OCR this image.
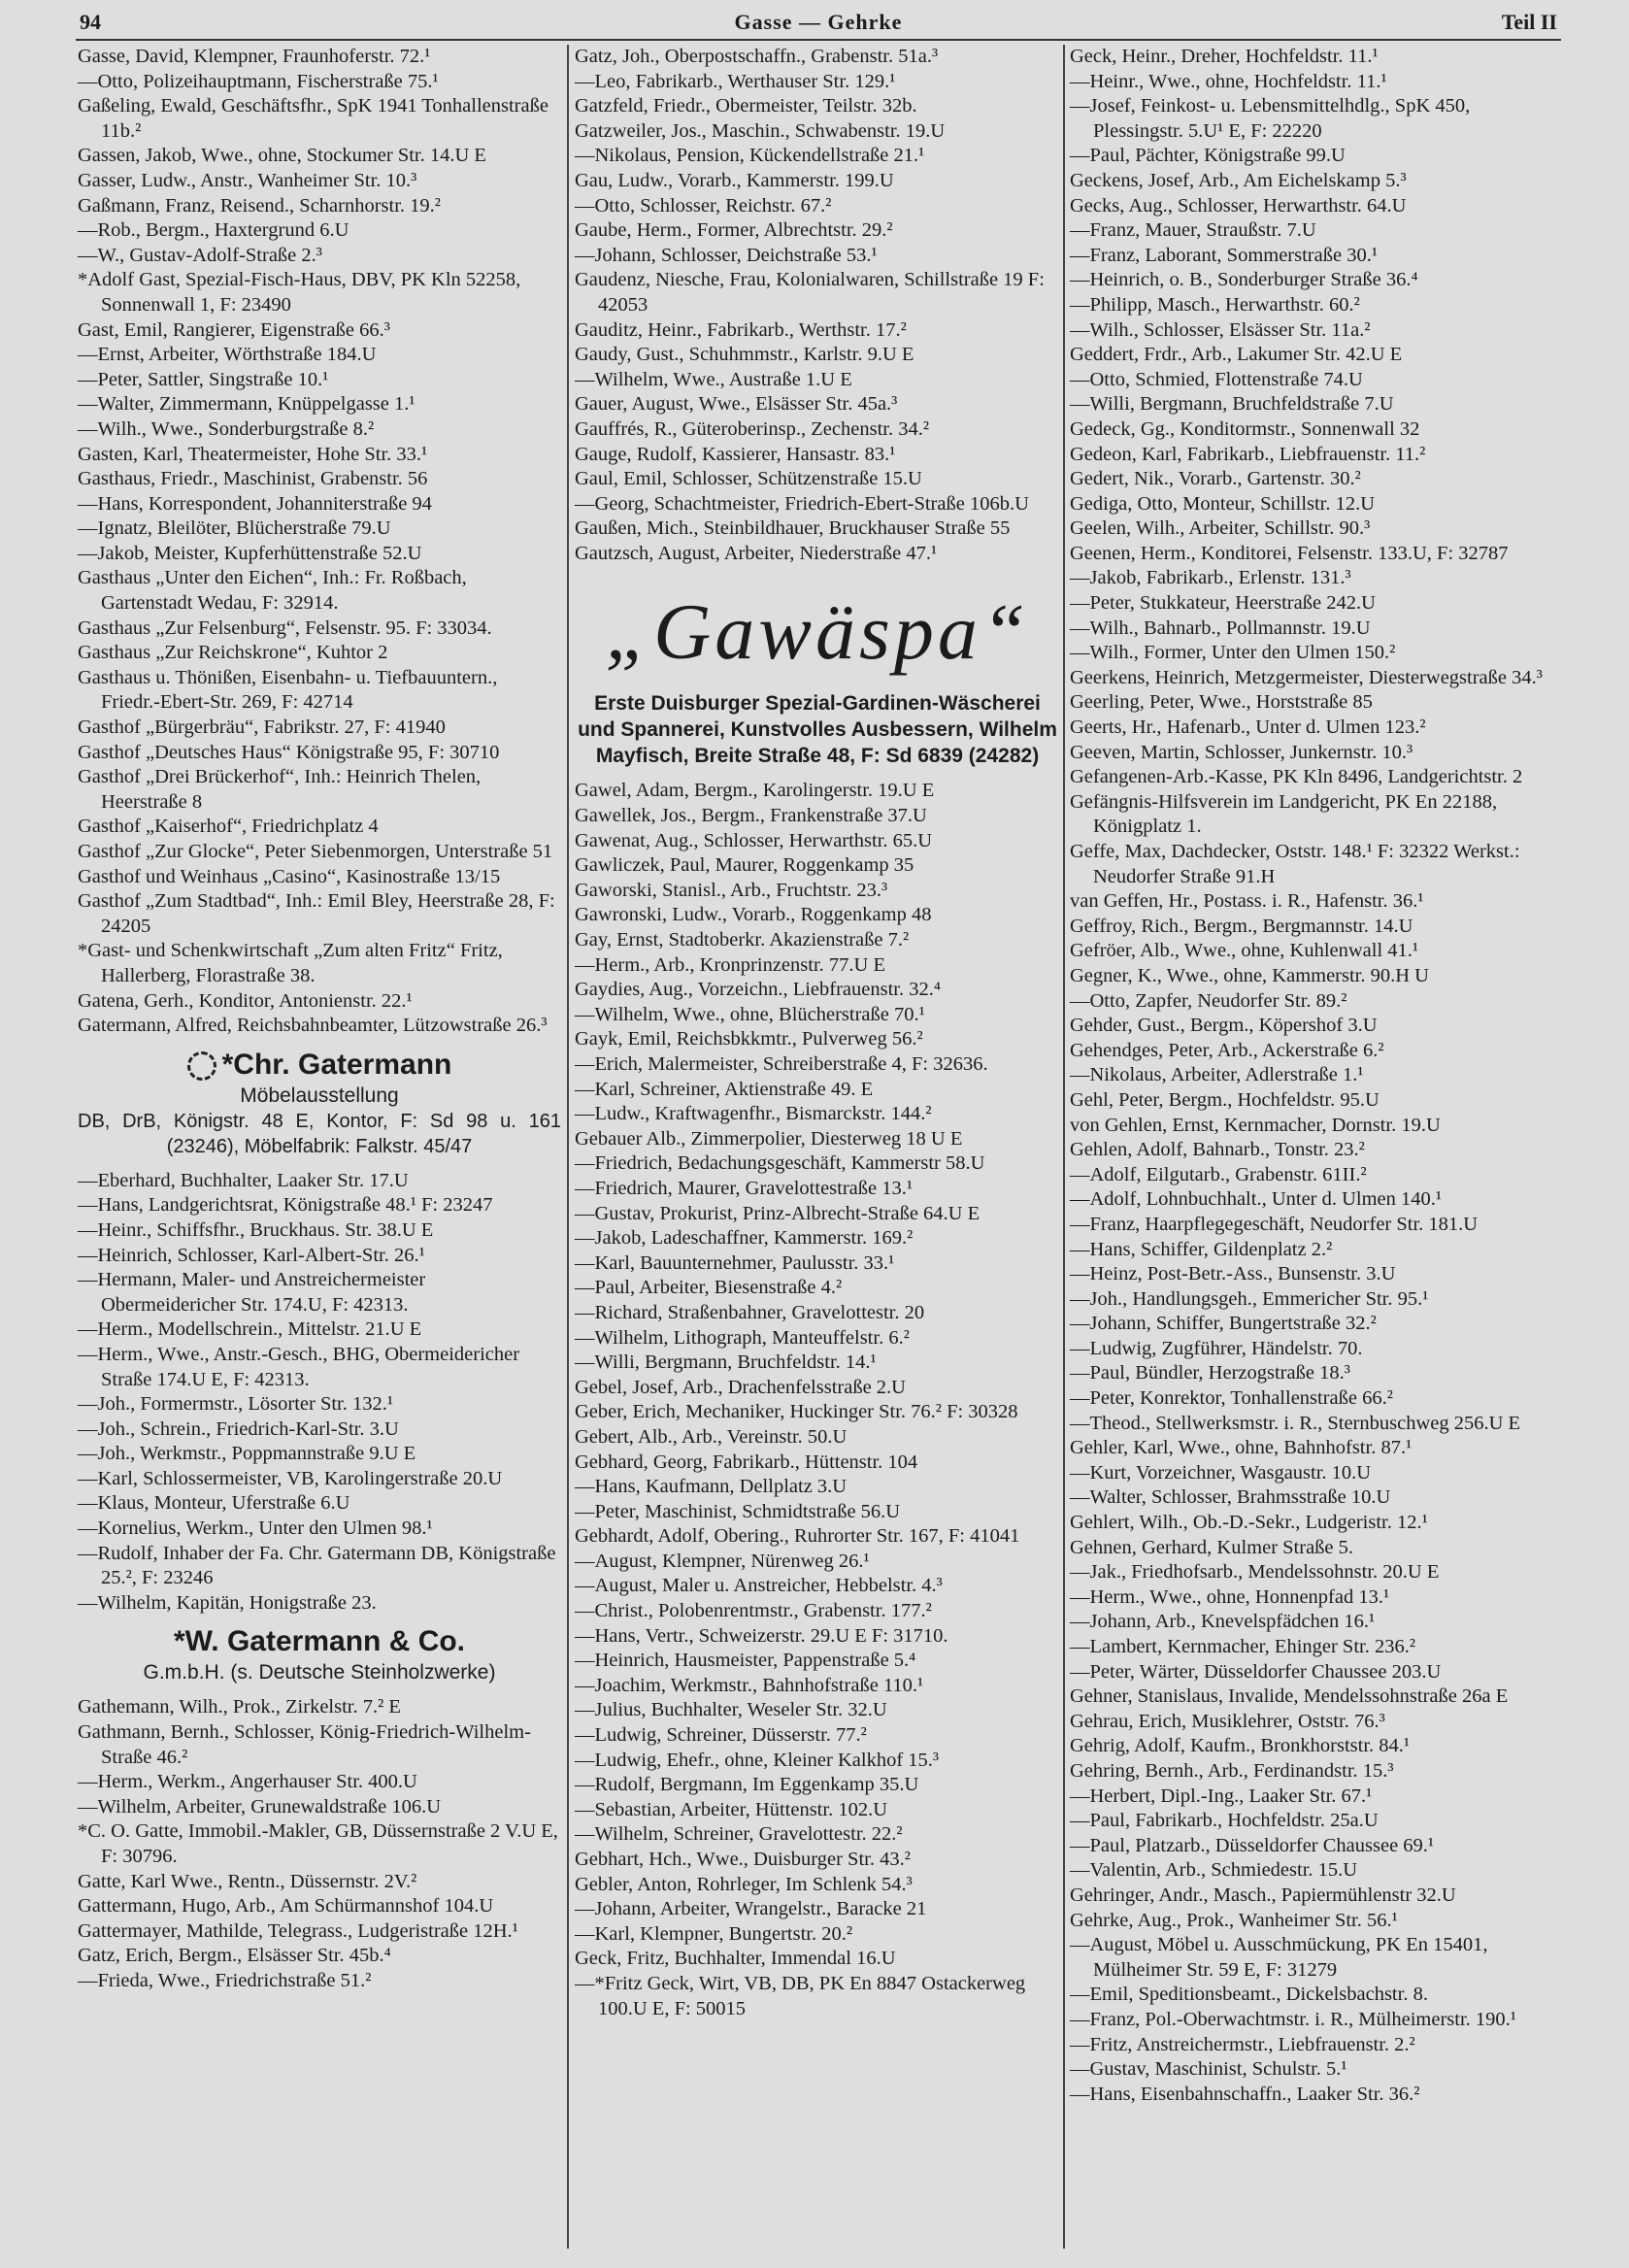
94	Gasse — Gehrke	Teil II
Gasse, David, Klempner, Fraunhoferstr. 72.¹
—Otto, Polizeihauptmann, Fischerstraße 75.¹
Gaßeling, Ewald, Geschäftsfhr., SpK 1941 Tonhallenstraße 11b.²
Gassen, Jakob, Wwe., ohne, Stockumer Str. 14.U E
Gasser, Ludw., Anstr., Wanheimer Str. 10.³
Gaßmann, Franz, Reisend., Scharnhorstr. 19.²
—Rob., Bergm., Haxtergrund 6.U
—W., Gustav-Adolf-Straße 2.³
*Adolf Gast, Spezial-Fisch-Haus, DBV, PK Kln 52258, Sonnenwall 1, F: 23490
Gast, Emil, Rangierer, Eigenstraße 66.³
—Ernst, Arbeiter, Wörthstraße 184.U
—Peter, Sattler, Singstraße 10.¹
—Walter, Zimmermann, Knüppelgasse 1.¹
—Wilh., Wwe., Sonderburgstraße 8.²
Gasten, Karl, Theatermeister, Hohe Str. 33.¹
Gasthaus, Friedr., Maschinist, Grabenstr. 56
—Hans, Korrespondent, Johanniterstraße 94
—Ignatz, Bleilöter, Blücherstraße 79.U
—Jakob, Meister, Kupferhüttenstraße 52.U
Gasthaus „Unter den Eichen“, Inh.: Fr. Roßbach, Gartenstadt Wedau, F: 32914.
Gasthaus „Zur Felsenburg“, Felsenstr. 95. F: 33034.
Gasthaus „Zur Reichskrone“, Kuhtor 2
Gasthaus u. Thönißen, Eisenbahn- u. Tiefbauuntern., Friedr.-Ebert-Str. 269, F: 42714
Gasthof „Bürgerbräu“, Fabrikstr. 27, F: 41940
Gasthof „Deutsches Haus“ Königstraße 95, F: 30710
Gasthof „Drei Brückerhof“, Inh.: Heinrich Thelen, Heerstraße 8
Gasthof „Kaiserhof“, Friedrichplatz 4
Gasthof „Zur Glocke“, Peter Siebenmorgen, Unterstraße 51
Gasthof und Weinhaus „Casino“, Kasinostraße 13/15
Gasthof „Zum Stadtbad“, Inh.: Emil Bley, Heerstraße 28, F: 24205
*Gast- und Schenkwirtschaft „Zum alten Fritz“ Fritz, Hallerberg, Florastraße 38.
Gatena, Gerh., Konditor, Antonienstr. 22.¹
Gatermann, Alfred, Reichsbahnbeamter, Lützowstraße 26.³
*Chr. Gatermann
Möbelausstellung
DB, DrB, Königstr. 48 E, Kontor, F: Sd 98 u. 161 (23246), Möbelfabrik: Falkstr. 45/47
—Eberhard, Buchhalter, Laaker Str. 17.U
—Hans, Landgerichtsrat, Königstraße 48.¹ F: 23247
—Heinr., Schiffsfhr., Bruckhaus. Str. 38.U E
—Heinrich, Schlosser, Karl-Albert-Str. 26.¹
—Hermann, Maler- und Anstreichermeister Obermeidericher Str. 174.U, F: 42313.
—Herm., Modellschrein., Mittelstr. 21.U E
—Herm., Wwe., Anstr.-Gesch., BHG, Obermeidericher Straße 174.U E, F: 42313.
—Joh., Formermstr., Lösorter Str. 132.¹
—Joh., Schrein., Friedrich-Karl-Str. 3.U
—Joh., Werkmstr., Poppmannstraße 9.U E
—Karl, Schlossermeister, VB, Karolingerstraße 20.U
—Klaus, Monteur, Uferstraße 6.U
—Kornelius, Werkm., Unter den Ulmen 98.¹
—Rudolf, Inhaber der Fa. Chr. Gatermann DB, Königstraße 25.², F: 23246
—Wilhelm, Kapitän, Honigstraße 23.
*W. Gatermann & Co.
G.m.b.H. (s. Deutsche Steinholzwerke)
Gathemann, Wilh., Prok., Zirkelstr. 7.² E
Gathmann, Bernh., Schlosser, König-Friedrich-Wilhelm-Straße 46.²
—Herm., Werkm., Angerhauser Str. 400.U
—Wilhelm, Arbeiter, Grunewaldstraße 106.U
*C. O. Gatte, Immobil.-Makler, GB, Düssernstraße 2 V.U E, F: 30796.
Gatte, Karl Wwe., Rentn., Düssernstr. 2V.²
Gattermann, Hugo, Arb., Am Schürmannshof 104.U
Gattermayer, Mathilde, Telegrass., Ludgeristraße 12H.¹
Gatz, Erich, Bergm., Elsässer Str. 45b.⁴
—Frieda, Wwe., Friedrichstraße 51.²
Gatz, Joh., Oberpostschaffn., Grabenstr. 51a.³
—Leo, Fabrikarb., Werthauser Str. 129.¹
Gatzfeld, Friedr., Obermeister, Teilstr. 32b.
Gatzweiler, Jos., Maschin., Schwabenstr. 19.U
—Nikolaus, Pension, Kückendellstraße 21.¹
Gau, Ludw., Vorarb., Kammerstr. 199.U
—Otto, Schlosser, Reichstr. 67.²
Gaube, Herm., Former, Albrechtstr. 29.²
—Johann, Schlosser, Deichstraße 53.¹
Gaudenz, Niesche, Frau, Kolonialwaren, Schillstraße 19 F: 42053
Gauditz, Heinr., Fabrikarb., Werthstr. 17.²
Gaudy, Gust., Schuhmmstr., Karlstr. 9.U E
—Wilhelm, Wwe., Austraße 1.U E
Gauer, August, Wwe., Elsässer Str. 45a.³
Gauffrés, R., Güteroberinsp., Zechenstr. 34.²
Gauge, Rudolf, Kassierer, Hansastr. 83.¹
Gaul, Emil, Schlosser, Schützenstraße 15.U
—Georg, Schachtmeister, Friedrich-Ebert-Straße 106b.U
Gaußen, Mich., Steinbildhauer, Bruckhauser Straße 55
Gautzsch, August, Arbeiter, Niederstraße 47.¹
„Gawäspa“
Erste Duisburger Spezial-Gardinen-Wäscherei und Spannerei, Kunstvolles Ausbessern, Wilhelm Mayfisch, Breite Straße 48, F: Sd 6839 (24282)
Gawel, Adam, Bergm., Karolingerstr. 19.U E
Gawellek, Jos., Bergm., Frankenstraße 37.U
Gawenat, Aug., Schlosser, Herwarthstr. 65.U
Gawliczek, Paul, Maurer, Roggenkamp 35
Gaworski, Stanisl., Arb., Fruchtstr. 23.³
Gawronski, Ludw., Vorarb., Roggenkamp 48
Gay, Ernst, Stadtoberkr. Akazienstraße 7.²
—Herm., Arb., Kronprinzenstr. 77.U E
Gaydies, Aug., Vorzeichn., Liebfrauenstr. 32.⁴
—Wilhelm, Wwe., ohne, Blücherstraße 70.¹
Gayk, Emil, Reichsbkkmtr., Pulverweg 56.²
—Erich, Malermeister, Schreiberstraße 4, F: 32636.
—Karl, Schreiner, Aktienstraße 49. E
—Ludw., Kraftwagenfhr., Bismarckstr. 144.²
Gebauer Alb., Zimmerpolier, Diesterweg 18 U E
—Friedrich, Bedachungsgeschäft, Kammerstr 58.U
—Friedrich, Maurer, Gravelottestraße 13.¹
—Gustav, Prokurist, Prinz-Albrecht-Straße 64.U E
—Jakob, Ladeschaffner, Kammerstr. 169.²
—Karl, Bauunternehmer, Paulusstr. 33.¹
—Paul, Arbeiter, Biesenstraße 4.²
—Richard, Straßenbahner, Gravelottestr. 20
—Wilhelm, Lithograph, Manteuffelstr. 6.²
—Willi, Bergmann, Bruchfeldstr. 14.¹
Gebel, Josef, Arb., Drachenfelsstraße 2.U
Geber, Erich, Mechaniker, Huckinger Str. 76.² F: 30328
Gebert, Alb., Arb., Vereinstr. 50.U
Gebhard, Georg, Fabrikarb., Hüttenstr. 104
—Hans, Kaufmann, Dellplatz 3.U
—Peter, Maschinist, Schmidtstraße 56.U
Gebhardt, Adolf, Obering., Ruhrorter Str. 167, F: 41041
—August, Klempner, Nürenweg 26.¹
—August, Maler u. Anstreicher, Hebbelstr. 4.³
—Christ., Polobenrentmstr., Grabenstr. 177.²
—Hans, Vertr., Schweizerstr. 29.U E F: 31710.
—Heinrich, Hausmeister, Pappenstraße 5.⁴
—Joachim, Werkmstr., Bahnhofstraße 110.¹
—Julius, Buchhalter, Weseler Str. 32.U
—Ludwig, Schreiner, Düsserstr. 77.²
—Ludwig, Ehefr., ohne, Kleiner Kalkhof 15.³
—Rudolf, Bergmann, Im Eggenkamp 35.U
—Sebastian, Arbeiter, Hüttenstr. 102.U
—Wilhelm, Schreiner, Gravelottestr. 22.²
Gebhart, Hch., Wwe., Duisburger Str. 43.²
Gebler, Anton, Rohrleger, Im Schlenk 54.³
—Johann, Arbeiter, Wrangelstr., Baracke 21
—Karl, Klempner, Bungertstr. 20.²
Geck, Fritz, Buchhalter, Immendal 16.U
—*Fritz Geck, Wirt, VB, DB, PK En 8847 Ostackerweg 100.U E, F: 50015
Geck, Heinr., Dreher, Hochfeldstr. 11.¹
—Heinr., Wwe., ohne, Hochfeldstr. 11.¹
—Josef, Feinkost- u. Lebensmittelhdlg., SpK 450, Plessingstr. 5.U¹ E, F: 22220
—Paul, Pächter, Königstraße 99.U
Geckens, Josef, Arb., Am Eichelskamp 5.³
Gecks, Aug., Schlosser, Herwarthstr. 64.U
—Franz, Mauer, Straußstr. 7.U
—Franz, Laborant, Sommerstraße 30.¹
—Heinrich, o. B., Sonderburger Straße 36.⁴
—Philipp, Masch., Herwarthstr. 60.²
—Wilh., Schlosser, Elsässer Str. 11a.²
Geddert, Frdr., Arb., Lakumer Str. 42.U E
—Otto, Schmied, Flottenstraße 74.U
—Willi, Bergmann, Bruchfeldstraße 7.U
Gedeck, Gg., Konditormstr., Sonnenwall 32
Gedeon, Karl, Fabrikarb., Liebfrauenstr. 11.²
Gedert, Nik., Vorarb., Gartenstr. 30.²
Gediga, Otto, Monteur, Schillstr. 12.U
Geelen, Wilh., Arbeiter, Schillstr. 90.³
Geenen, Herm., Konditorei, Felsenstr. 133.U, F: 32787
—Jakob, Fabrikarb., Erlenstr. 131.³
—Peter, Stukkateur, Heerstraße 242.U
—Wilh., Bahnarb., Pollmannstr. 19.U
—Wilh., Former, Unter den Ulmen 150.²
Geerkens, Heinrich, Metzgermeister, Diesterwegstraße 34.³
Geerling, Peter, Wwe., Horststraße 85
Geerts, Hr., Hafenarb., Unter d. Ulmen 123.²
Geeven, Martin, Schlosser, Junkernstr. 10.³
Gefangenen-Arb.-Kasse, PK Kln 8496, Landgerichtstr. 2
Gefängnis-Hilfsverein im Landgericht, PK En 22188, Königplatz 1.
Geffe, Max, Dachdecker, Oststr. 148.¹ F: 32322 Werkst.: Neudorfer Straße 91.H
van Geffen, Hr., Postass. i. R., Hafenstr. 36.¹
Geffroy, Rich., Bergm., Bergmannstr. 14.U
Gefröer, Alb., Wwe., ohne, Kuhlenwall 41.¹
Gegner, K., Wwe., ohne, Kammerstr. 90.H U
—Otto, Zapfer, Neudorfer Str. 89.²
Gehder, Gust., Bergm., Köpershof 3.U
Gehendges, Peter, Arb., Ackerstraße 6.²
—Nikolaus, Arbeiter, Adlerstraße 1.¹
Gehl, Peter, Bergm., Hochfeldstr. 95.U
von Gehlen, Ernst, Kernmacher, Dornstr. 19.U
Gehlen, Adolf, Bahnarb., Tonstr. 23.²
—Adolf, Eilgutarb., Grabenstr. 61II.²
—Adolf, Lohnbuchhalt., Unter d. Ulmen 140.¹
—Franz, Haarpflegegeschäft, Neudorfer Str. 181.U
—Hans, Schiffer, Gildenplatz 2.²
—Heinz, Post-Betr.-Ass., Bunsenstr. 3.U
—Joh., Handlungsgeh., Emmericher Str. 95.¹
—Johann, Schiffer, Bungertstraße 32.²
—Ludwig, Zugführer, Händelstr. 70.
—Paul, Bündler, Herzogstraße 18.³
—Peter, Konrektor, Tonhallenstraße 66.²
—Theod., Stellwerksmstr. i. R., Sternbuschweg 256.U E
Gehler, Karl, Wwe., ohne, Bahnhofstr. 87.¹
—Kurt, Vorzeichner, Wasgaustr. 10.U
—Walter, Schlosser, Brahmsstraße 10.U
Gehlert, Wilh., Ob.-D.-Sekr., Ludgeristr. 12.¹
Gehnen, Gerhard, Kulmer Straße 5.
—Jak., Friedhofsarb., Mendelssohnstr. 20.U E
—Herm., Wwe., ohne, Honnenpfad 13.¹
—Johann, Arb., Knevelspfädchen 16.¹
—Lambert, Kernmacher, Ehinger Str. 236.²
—Peter, Wärter, Düsseldorfer Chaussee 203.U
Gehner, Stanislaus, Invalide, Mendelssohnstraße 26a E
Gehrau, Erich, Musiklehrer, Oststr. 76.³
Gehrig, Adolf, Kaufm., Bronkhorststr. 84.¹
Gehring, Bernh., Arb., Ferdinandstr. 15.³
—Herbert, Dipl.-Ing., Laaker Str. 67.¹
—Paul, Fabrikarb., Hochfeldstr. 25a.U
—Paul, Platzarb., Düsseldorfer Chaussee 69.¹
—Valentin, Arb., Schmiedestr. 15.U
Gehringer, Andr., Masch., Papiermühlenstr 32.U
Gehrke, Aug., Prok., Wanheimer Str. 56.¹
—August, Möbel u. Ausschmückung, PK En 15401, Mülheimer Str. 59 E, F: 31279
—Emil, Speditionsbeamt., Dickelsbachstr. 8.
—Franz, Pol.-Oberwachtmstr. i. R., Mülheimerstr. 190.¹
—Fritz, Anstreichermstr., Liebfrauenstr. 2.²
—Gustav, Maschinist, Schulstr. 5.¹
—Hans, Eisenbahnschaffn., Laaker Str. 36.²
